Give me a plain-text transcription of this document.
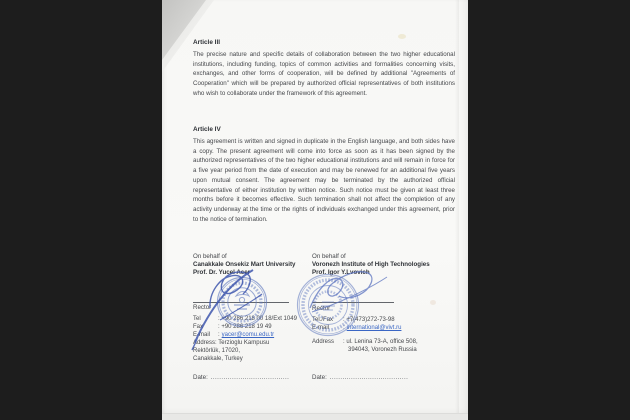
Article III
The precise nature and specific details of collaboration between the two higher educational institutions, including funding, topics of common activities and formalities concerning visits, exchanges, and other forms of cooperation, will be defined by additional "Agreements of Cooperation" which will be prepared by authorized official representatives of both institutions who wish to collaborate under the framework of this agreement.
Article IV
This agreement is written and signed in duplicate in the English language, and both sides have a copy. The present agreement will come into force as soon as it has been signed by the authorized representatives of the two higher educational institutions and will remain in force for a five year period from the date of execution and may be renewed for an additional five years upon mutual consent. The agreement may be terminated by the authorized official representative of either institution by written notice. Such notice must be given at least three months before it becomes effective. Such termination shall not affect the completion of any activity underway at the time or the rights of individuals exchanged under this agreement, prior to the notice of termination.
On behalf of
Canakkale Onsekiz Mart University
Prof. Dr. Yucel Acer
On behalf of
Voronezh Institute of High Technologies
Prof. Igor Y.Lvovich
Rector	Rector
Tel	: +90 286 218 00 18/Ext 1049
Fax : +90 286 218 19 49
E-mail : yacer@comu.edu.tr
Address: Terzioglu Kampusu
Rektörlük, 17020,
Canakkale, Turkey
Tel./Fax : +7(473)272-73-98
E-mail : international@vivt.ru
Address : ul. Lenina 73-A, office 508,
394043, Voronezh Russia
Date: .....................................	Date: .....................................
